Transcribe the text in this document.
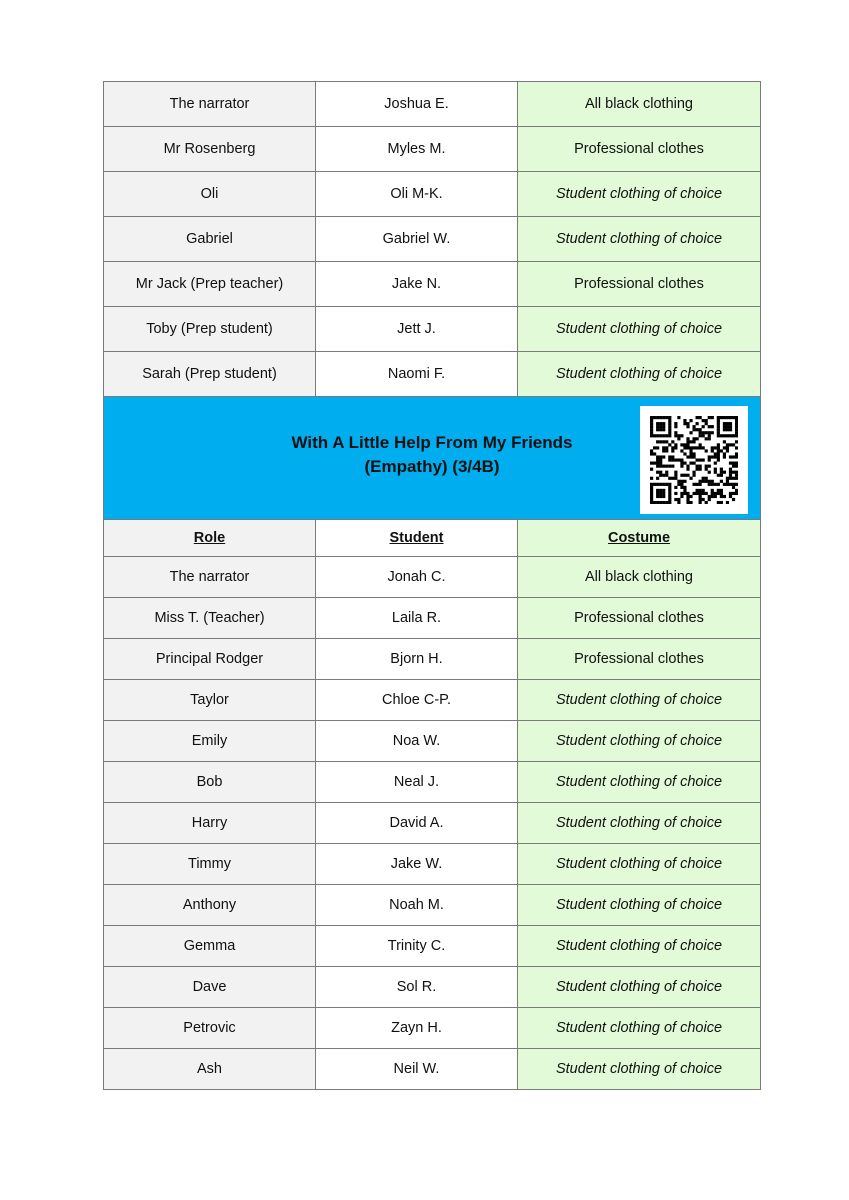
The narrator	Joshua E.	All black clothing
Mr Rosenberg	Myles M.	Professional clothes
Oli	Oli M-K.	Student clothing of choice
Gabriel	Gabriel W.	Student clothing of choice
Mr Jack (Prep teacher)	Jake N.	Professional clothes
Toby (Prep student)	Jett J.	Student clothing of choice
Sarah (Prep student)	Naomi F.	Student clothing of choice

With A Little Help From My Friends
(Empathy) (3/4B)		

Role	Student	Costume
The narrator	Jonah C.	All black clothing
Miss T. (Teacher)	Laila R.	Professional clothes
Principal Rodger	Bjorn H.	Professional clothes
Taylor	Chloe C-P.	Student clothing of choice
Emily	Noa W.	Student clothing of choice
Bob	Neal J.	Student clothing of choice
Harry	David A.	Student clothing of choice
Timmy	Jake W.	Student clothing of choice
Anthony	Noah M.	Student clothing of choice
Gemma	Trinity C.	Student clothing of choice
Dave	Sol R.	Student clothing of choice
Petrovic	Zayn H.	Student clothing of choice
Ash	Neil W.	Student clothing of choice
